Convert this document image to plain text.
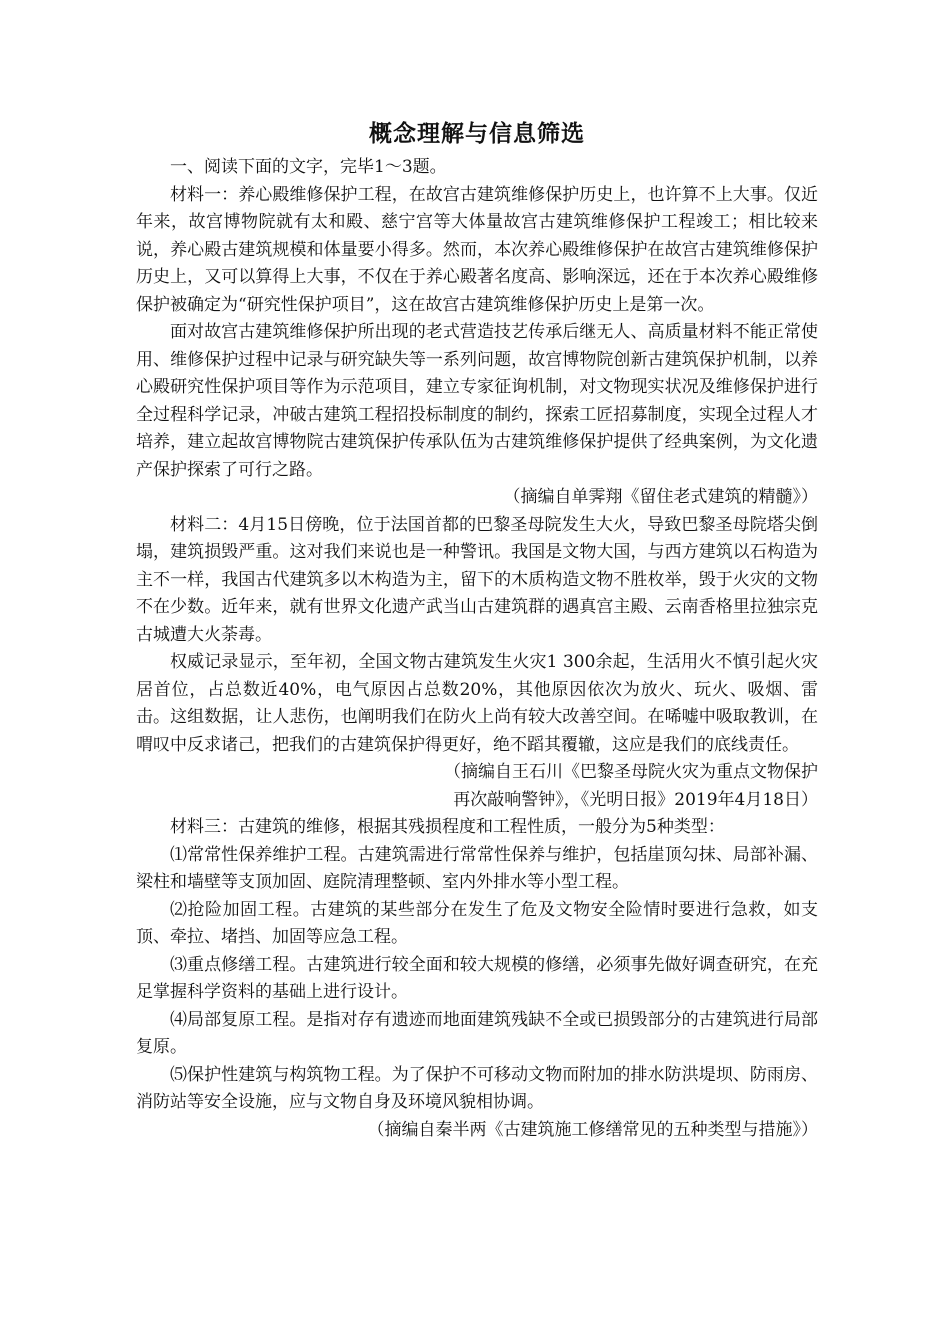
概念理解与信息筛选

一、阅读下面的文字，完毕1～3题。

材料一：养心殿维修保护工程，在故宫古建筑维修保护历史上，也许算不上大事。仅近年来，故宫博物院就有太和殿、慈宁宫等大体量故宫古建筑维修保护工程竣工；相比较来说，养心殿古建筑规模和体量要小得多。然而，本次养心殿维修保护在故宫古建筑维修保护历史上，又可以算得上大事，不仅在于养心殿著名度高、影响深远，还在于本次养心殿维修保护被确定为“研究性保护项目”，这在故宫古建筑维修保护历史上是第一次。

面对故宫古建筑维修保护所出现的老式营造技艺传承后继无人、高质量材料不能正常使用、维修保护过程中记录与研究缺失等一系列问题，故宫博物院创新古建筑保护机制，以养心殿研究性保护项目等作为示范项目，建立专家征询机制，对文物现实状况及维修保护进行全过程科学记录，冲破古建筑工程招投标制度的制约，探索工匠招募制度，实现全过程人才培养，建立起故宫博物院古建筑保护传承队伍为古建筑维修保护提供了经典案例，为文化遗产保护探索了可行之路。

（摘编自单霁翔《留住老式建筑的精髓》）

材料二：4月15日傍晚，位于法国首都的巴黎圣母院发生大火，导致巴黎圣母院塔尖倒塌，建筑损毁严重。这对我们来说也是一种警讯。我国是文物大国，与西方建筑以石构造为主不一样，我国古代建筑多以木构造为主，留下的木质构造文物不胜枚举，毁于火灾的文物不在少数。近年来，就有世界文化遗产武当山古建筑群的遇真宫主殿、云南香格里拉独宗克古城遭大火荼毒。

权威记录显示，至年初，全国文物古建筑发生火灾1 300余起，生活用火不慎引起火灾居首位，占总数近40%，电气原因占总数20%，其他原因依次为放火、玩火、吸烟、雷击。这组数据，让人悲伤，也阐明我们在防火上尚有较大改善空间。在唏嘘中吸取教训，在喟叹中反求诸己，把我们的古建筑保护得更好，绝不蹈其覆辙，这应是我们的底线责任。

（摘编自王石川《巴黎圣母院火灾为重点文物保护

再次敲响警钟》，《光明日报》2019年4月18日）

材料三：古建筑的维修，根据其残损程度和工程性质，一般分为5种类型：

⑴常常性保养维护工程。古建筑需进行常常性保养与维护，包括崖顶勾抹、局部补漏、梁柱和墙壁等支顶加固、庭院清理整顿、室内外排水等小型工程。

⑵抢险加固工程。古建筑的某些部分在发生了危及文物安全险情时要进行急救，如支顶、牵拉、堵挡、加固等应急工程。

⑶重点修缮工程。古建筑进行较全面和较大规模的修缮，必须事先做好调查研究，在充足掌握科学资料的基础上进行设计。

⑷局部复原工程。是指对存有遗迹而地面建筑残缺不全或已损毁部分的古建筑进行局部复原。

⑸保护性建筑与构筑物工程。为了保护不可移动文物而附加的排水防洪堤坝、防雨房、消防站等安全设施，应与文物自身及环境风貌相协调。

（摘编自秦半两《古建筑施工修缮常见的五种类型与措施》）
